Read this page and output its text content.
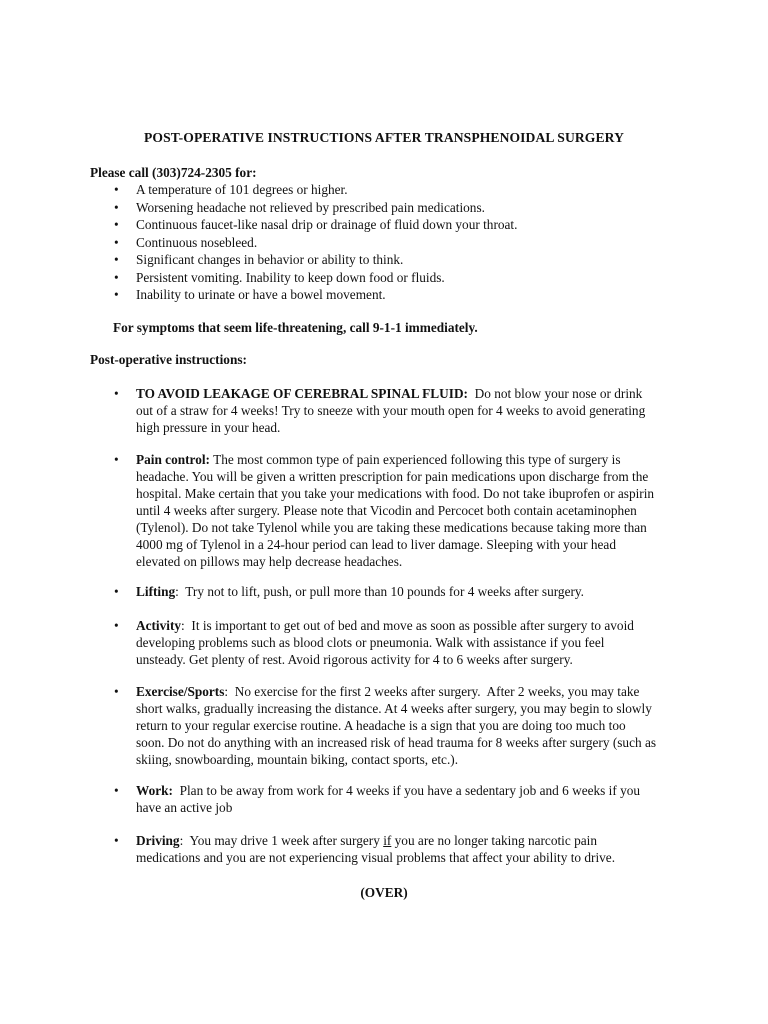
POST-OPERATIVE INSTRUCTIONS AFTER TRANSPHENOIDAL SURGERY
Please call (303)724-2305 for:
• A temperature of 101 degrees or higher.
• Worsening headache not relieved by prescribed pain medications.
• Continuous faucet-like nasal drip or drainage of fluid down your throat.
• Continuous nosebleed.
• Significant changes in behavior or ability to think.
• Persistent vomiting. Inability to keep down food or fluids.
• Inability to urinate or have a bowel movement.
For symptoms that seem life-threatening, call 9-1-1 immediately.
Post-operative instructions:
• TO AVOID LEAKAGE OF CEREBRAL SPINAL FLUID:  Do not blow your nose or drink
out of a straw for 4 weeks! Try to sneeze with your mouth open for 4 weeks to avoid generating
high pressure in your head.
• Pain control: The most common type of pain experienced following this type of surgery is
headache. You will be given a written prescription for pain medications upon discharge from the
hospital. Make certain that you take your medications with food. Do not take ibuprofen or aspirin
until 4 weeks after surgery. Please note that Vicodin and Percocet both contain acetaminophen
(Tylenol). Do not take Tylenol while you are taking these medications because taking more than
4000 mg of Tylenol in a 24-hour period can lead to liver damage. Sleeping with your head
elevated on pillows may help decrease headaches.
• Lifting:  Try not to lift, push, or pull more than 10 pounds for 4 weeks after surgery.
• Activity:  It is important to get out of bed and move as soon as possible after surgery to avoid
developing problems such as blood clots or pneumonia. Walk with assistance if you feel
unsteady. Get plenty of rest. Avoid rigorous activity for 4 to 6 weeks after surgery.
• Exercise/Sports:  No exercise for the first 2 weeks after surgery.  After 2 weeks, you may take
short walks, gradually increasing the distance. At 4 weeks after surgery, you may begin to slowly
return to your regular exercise routine. A headache is a sign that you are doing too much too
soon. Do not do anything with an increased risk of head trauma for 8 weeks after surgery (such as
skiing, snowboarding, mountain biking, contact sports, etc.).
• Work:  Plan to be away from work for 4 weeks if you have a sedentary job and 6 weeks if you
have an active job
• Driving:  You may drive 1 week after surgery if you are no longer taking narcotic pain
medications and you are not experiencing visual problems that affect your ability to drive.
(OVER)
